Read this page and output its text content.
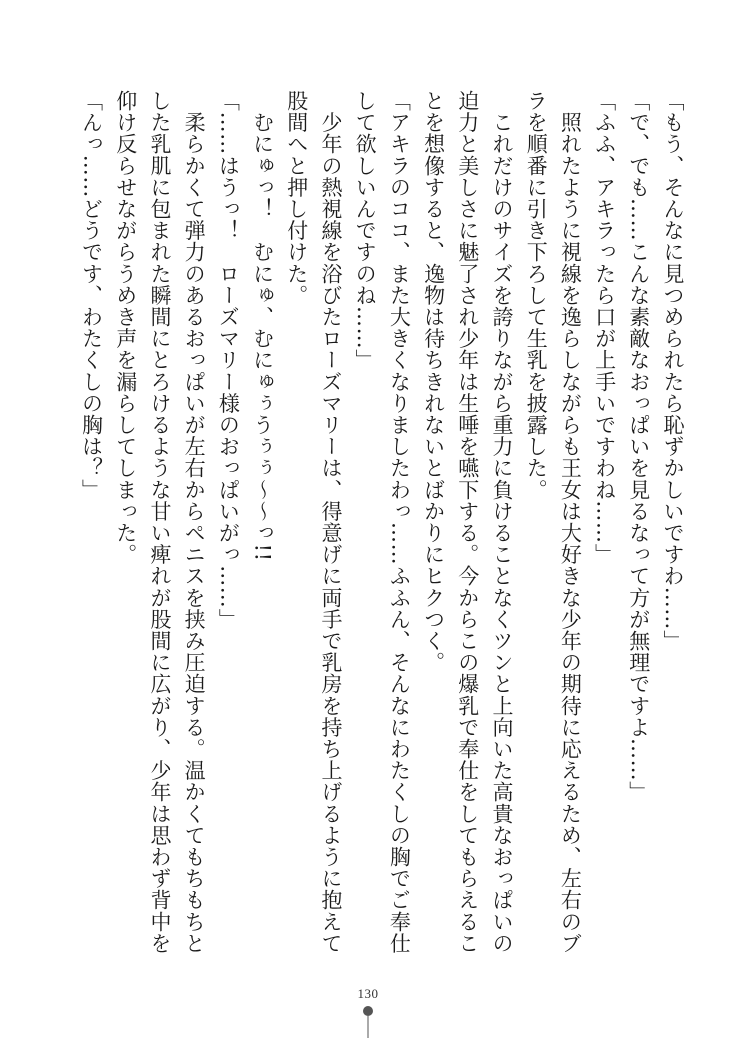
「もう、そんなに見つめられたら恥ずかしいですわ……」

「で、でも……こんな素敵なおっぱいを見るなって方が無理ですよ……」

「ふふ、アキラったら口が上手いですわね……」

　照れたように視線を逸らしながらも王女は大好きな少年の期待に応えるため、左右のブ

ラを順番に引き下ろして生乳を披露した。

　これだけのサイズを誇りながら重力に負けることなくツンと上向いた高貴なおっぱいの

迫力と美しさに魅了され少年は生唾を嚥下する。今からこの爆乳で奉仕をしてもらえるこ

とを想像すると、逸物は待ちきれないとばかりにヒクつく。

「アキラのココ、また大きくなりましたわっ……ふふん、そんなにわたくしの胸でご奉仕

して欲しいんですのね……」

　少年の熱視線を浴びたローズマリーは、得意げに両手で乳房を持ち上げるように抱えて

股間へと押し付けた。

　むにゅっ！　むにゅ、むにゅぅうぅぅ〜〜っ!!

「……はうっ！　ローズマリー様のおっぱいがっ……」

　柔らかくて弾力のあるおっぱいが左右からペニスを挟み圧迫する。温かくてもちもちと

した乳肌に包まれた瞬間にとろけるような甘い痺れが股間に広がり、少年は思わず背中を

仰け反らせながらうめき声を漏らしてしまった。

「んっ……どうです、わたくしの胸は？」

130
